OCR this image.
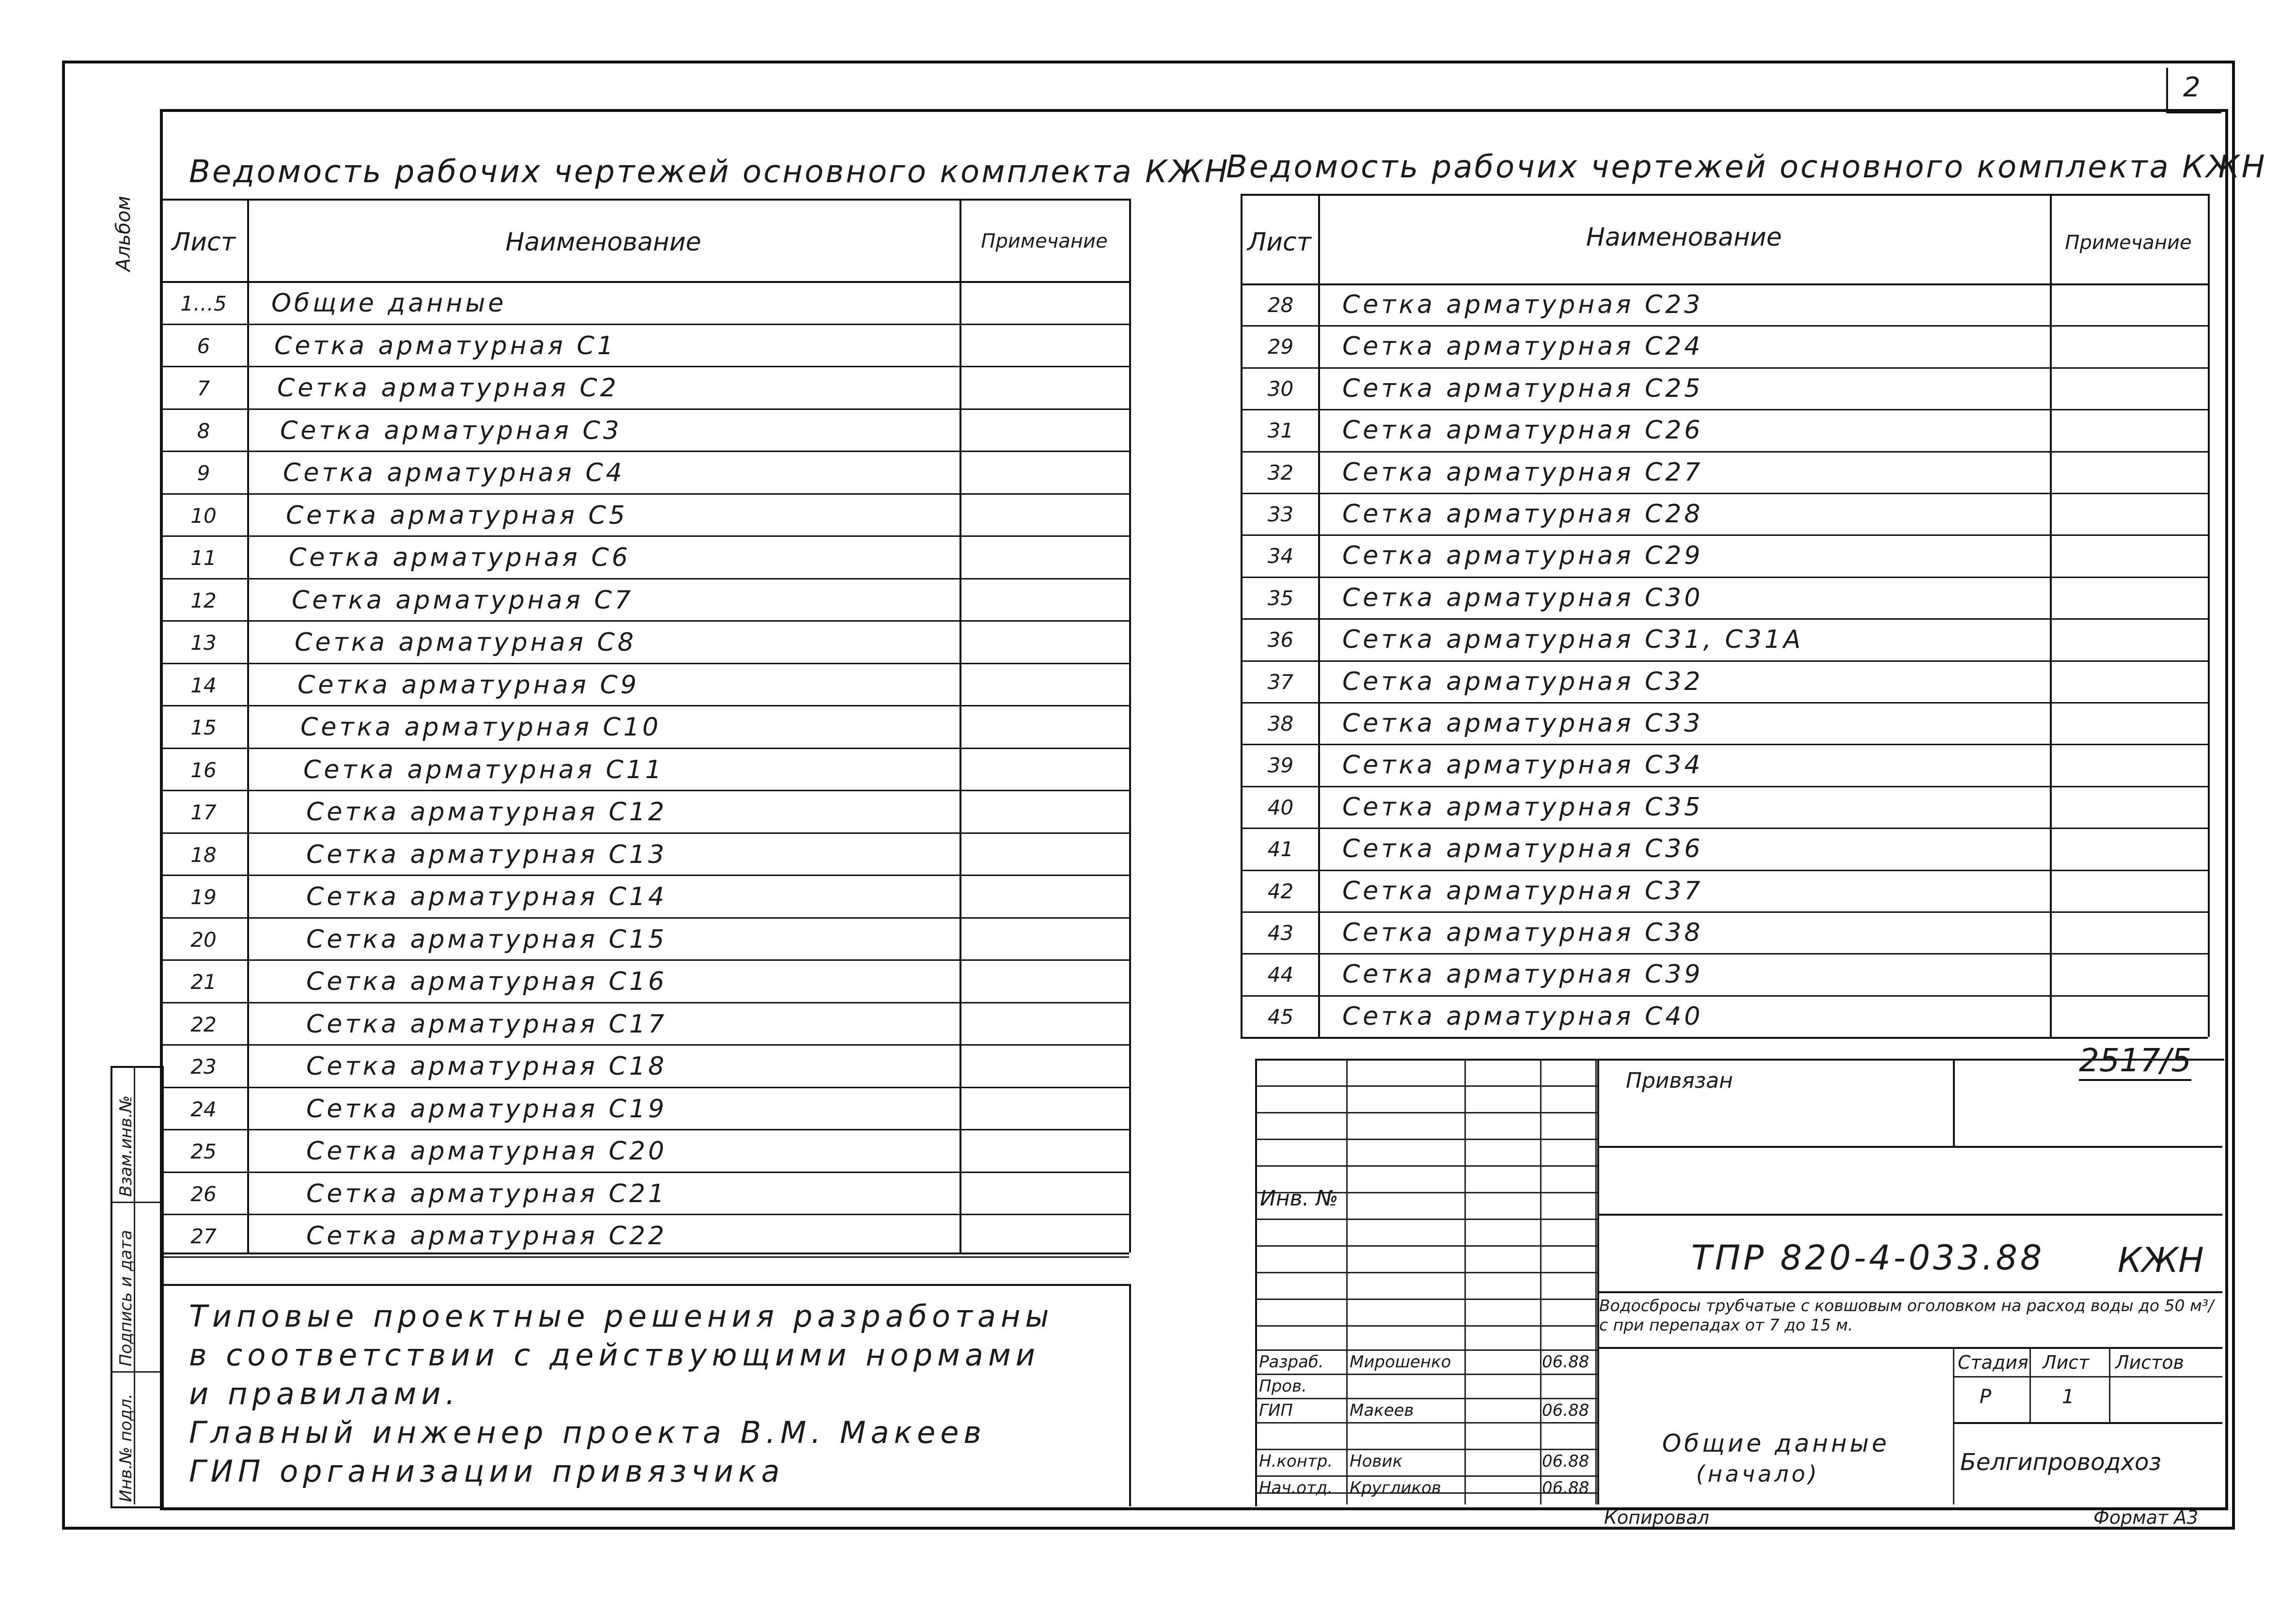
2
Альбом
Инв.№ подл.
Подпись и дата
Взам.инв.№
Ведомость рабочих чертежей основного комплекта КЖН
Лист	Наименование	Примечание
1…5	Общие данные
6	Сетка арматурная С1
7	Сетка арматурная С2
8	Сетка арматурная С3
9	Сетка арматурная С4
10	Сетка арматурная С5
11	Сетка арматурная С6
12	Сетка арматурная С7
13	Сетка арматурная С8
14	Сетка арматурная С9
15	Сетка арматурная С10
16	Сетка арматурная С11
17	Сетка арматурная С12
18	Сетка арматурная С13
19	Сетка арматурная С14
20	Сетка арматурная С15
21	Сетка арматурная С16
22	Сетка арматурная С17
23	Сетка арматурная С18
24	Сетка арматурная С19
25	Сетка арматурная С20
26	Сетка арматурная С21
27	Сетка арматурная С22
Типовые проектные решения разработаны
в соответствии с действующими нормами
и правилами.
Главный инженер проекта В.М. Макеев
ГИП организации привязчика
Ведомость рабочих чертежей основного комплекта КЖН
Лист	Наименование	Примечание
28	Сетка арматурная С23
29	Сетка арматурная С24
30	Сетка арматурная С25
31	Сетка арматурная С26
32	Сетка арматурная С27
33	Сетка арматурная С28
34	Сетка арматурная С29
35	Сетка арматурная С30
36	Сетка арматурная С31, С31А
37	Сетка арматурная С32
38	Сетка арматурная С33
39	Сетка арматурная С34
40	Сетка арматурная С35
41	Сетка арматурная С36
42	Сетка арматурная С37
43	Сетка арматурная С38
44	Сетка арматурная С39
45	Сетка арматурная С40
2517/5
Привязан
Инв. №
ТПР 820-4-033.88 КЖН
Водосбросы трубчатые с ковшовым оголовком на расход воды до 50 м³/с при перепадах от 7 до 15 м.
Стадия Лист Листов
Р	1
Общие данные
(начало)	Белгипроводхоз
Копировал	Формат А3
Разраб. Мирошенко	06.88
Пров.
ГИП	Макеев	06.88
Н.контр. Новик	06.88
Нач.отд. Кругликов	06.88
